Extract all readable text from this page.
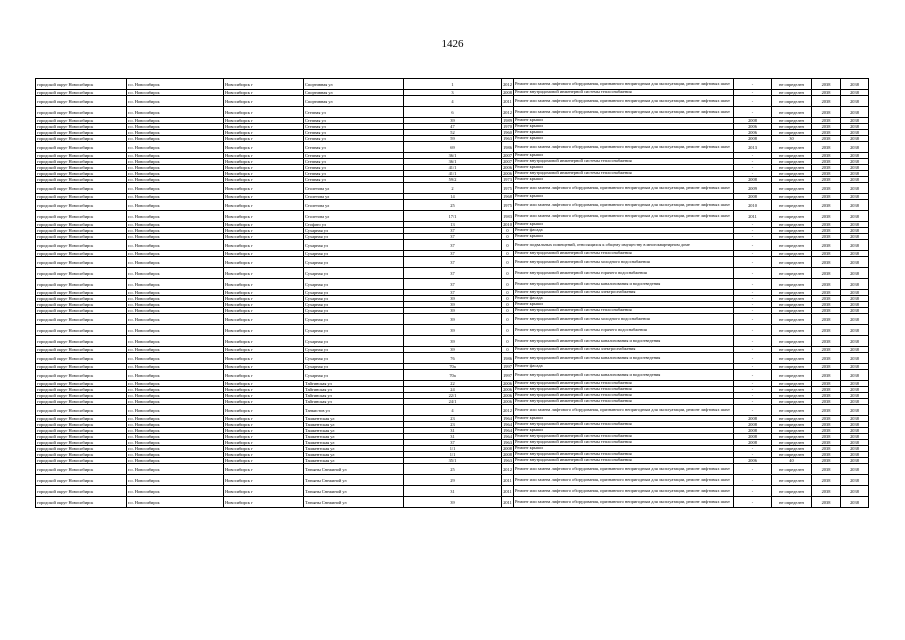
1426
городской округ Новосибирск	г.о. Новосибирск	Новосибирск г	Спортивная ул	1	2012	Ремонт или замена лифтового оборудования, признанного непригодным для эксплуатации, ремонт лифтовых шахт	-	не определен	2038	2038
городской округ Новосибирск	г.о. Новосибирск	Новосибирск г	Спортивная ул	3	2008	Ремонт внутридомовой инженерной системы теплоснабжения	-	не определен	2038	2038
городской округ Новосибирск	г.о. Новосибирск	Новосибирск г	Спортивная ул	4	2011	Ремонт или замена лифтового оборудования, признанного непригодным для эксплуатации, ремонт лифтовых шахт	-	не определен	2038	2038
городской округ Новосибирск	г.о. Новосибирск	Новосибирск г	Степная ул	6	2012	Ремонт или замена лифтового оборудования, признанного непригодным для эксплуатации, ремонт лифтовых шахт	-	не определен	2038	2038
городской округ Новосибирск	г.о. Новосибирск	Новосибирск г	Степная ул	39	1989	Ремонт крыши	2008	не определен	2038	2038
городской округ Новосибирск	г.о. Новосибирск	Новосибирск г	Степная ул	47	1970	Ремонт крыши	2006	не определен	2038	2038
городской округ Новосибирск	г.о. Новосибирск	Новосибирск г	Степная ул	52	1960	Ремонт крыши	2006	не определен	2038	2038
городской округ Новосибирск	г.о. Новосибирск	Новосибирск г	Степная ул	59	1963	Ремонт крыши	2008	30	2038	2038
городской округ Новосибирск	г.о. Новосибирск	Новосибирск г	Степная ул	69	1986	Ремонт или замена лифтового оборудования, признанного непригодным для эксплуатации, ремонт лифтовых шахт	2013	не определен	2038	2038
городской округ Новосибирск	г.о. Новосибирск	Новосибирск г	Степная ул	36/1	2007	Ремонт крыши	-	не определен	2038	2038
городской округ Новосибирск	г.о. Новосибирск	Новосибирск г	Степная ул	36/1	2007	Ремонт внутридомовой инженерной системы теплоснабжения	-	не определен	2038	2038
городской округ Новосибирск	г.о. Новосибирск	Новосибирск г	Степная ул	41/1	2006	Ремонт крыши	-	не определен	2038	2038
городской округ Новосибирск	г.о. Новосибирск	Новосибирск г	Степная ул	41/1	2006	Ремонт внутридомовой инженерной системы теплоснабжения	-	не определен	2038	2038
городской округ Новосибирск	г.о. Новосибирск	Новосибирск г	Степная ул	59/2	1973	Ремонт крыши	2008	не определен	2038	2038
городской округ Новосибирск	г.о. Новосибирск	Новосибирск г	Столетова ул	2	1975	Ремонт или замена лифтового оборудования, признанного непригодным для эксплуатации, ремонт лифтовых шахт	2009	не определен	2038	2038
городской округ Новосибирск	г.о. Новосибирск	Новосибирск г	Столетова ул	14	1968	Ремонт крыши	2008	не определен	2038	2038
городской округ Новосибирск	г.о. Новосибирск	Новосибирск г	Столетова ул	25	1975	Ремонт или замена лифтового оборудования, признанного непригодным для эксплуатации, ремонт лифтовых шахт	2010	не определен	2038	2038
городской округ Новосибирск	г.о. Новосибирск	Новосибирск г	Столетова ул	17/1	1983	Ремонт или замена лифтового оборудования, признанного непригодным для эксплуатации, ремонт лифтовых шахт	2011	не определен	2038	2038
городской округ Новосибирск	г.о. Новосибирск	Новосибирск г	Стофато ул	13	2010	Ремонт крыши	-	не определен	2038	2038
городской округ Новосибирск	г.о. Новосибирск	Новосибирск г	Сухарная ул	37	0	Ремонт фасада	-	не определен	2038	2038
городской округ Новосибирск	г.о. Новосибирск	Новосибирск г	Сухарная ул	37	0	Ремонт крыши	-	не определен	2038	2038
городской округ Новосибирск	г.о. Новосибирск	Новосибирск г	Сухарная ул	37	0	Ремонт подвальных помещений, относящихся к общему имуществу в многоквартирном доме	-	не определен	2038	2038
городской округ Новосибирск	г.о. Новосибирск	Новосибирск г	Сухарная ул	37	0	Ремонт внутридомовой инженерной системы теплоснабжения	-	не определен	2038	2038
городской округ Новосибирск	г.о. Новосибирск	Новосибирск г	Сухарная ул	37	0	Ремонт внутридомовой инженерной системы холодного водоснабжения	-	не определен	2038	2038
городской округ Новосибирск	г.о. Новосибирск	Новосибирск г	Сухарная ул	37	0	Ремонт внутридомовой инженерной системы горячего водоснабжения	-	не определен	2038	2038
городской округ Новосибирск	г.о. Новосибирск	Новосибирск г	Сухарная ул	37	0	Ремонт внутридомовой инженерной системы канализования и водоотведения	-	не определен	2038	2038
городской округ Новосибирск	г.о. Новосибирск	Новосибирск г	Сухарная ул	37	0	Ремонт внутридомовой инженерной системы электроснабжения	-	не определен	2038	2038
городской округ Новосибирск	г.о. Новосибирск	Новосибирск г	Сухарная ул	39	0	Ремонт фасада	-	не определен	2038	2038
городской округ Новосибирск	г.о. Новосибирск	Новосибирск г	Сухарная ул	39	0	Ремонт крыши	-	не определен	2038	2038
городской округ Новосибирск	г.о. Новосибирск	Новосибирск г	Сухарная ул	39	0	Ремонт внутридомовой инженерной системы теплоснабжения	-	не определен	2038	2038
городской округ Новосибирск	г.о. Новосибирск	Новосибирск г	Сухарная ул	39	0	Ремонт внутридомовой инженерной системы холодного водоснабжения	-	не определен	2038	2038
городской округ Новосибирск	г.о. Новосибирск	Новосибирск г	Сухарная ул	39	0	Ремонт внутридомовой инженерной системы горячего водоснабжения	-	не определен	2038	2038
городской округ Новосибирск	г.о. Новосибирск	Новосибирск г	Сухарная ул	39	0	Ремонт внутридомовой инженерной системы канализования и водоотведения	-	не определен	2038	2038
городской округ Новосибирск	г.о. Новосибирск	Новосибирск г	Сухарная ул	39	0	Ремонт внутридомовой инженерной системы электроснабжения	-	не определен	2038	2038
городской округ Новосибирск	г.о. Новосибирск	Новосибирск г	Сухарная ул	76	1986	Ремонт внутридомовой инженерной системы канализования и водоотведения	-	не определен	2038	2038
городской округ Новосибирск	г.о. Новосибирск	Новосибирск г	Сухарная ул	70a	1997	Ремонт фасада	-	не определен	2038	2038
городской округ Новосибирск	г.о. Новосибирск	Новосибирск г	Сухарная ул	70a	1997	Ремонт внутридомовой инженерной системы канализования и водоотведения	-	не определен	2038	2038
городской округ Новосибирск	г.о. Новосибирск	Новосибирск г	Тайгинская ул	22	2006	Ремонт внутридомовой инженерной системы теплоснабжения	-	не определен	2038	2038
городской округ Новосибирск	г.о. Новосибирск	Новосибирск г	Тайгинская ул	24	2006	Ремонт внутридомовой инженерной системы теплоснабжения	-	не определен	2038	2038
городской округ Новосибирск	г.о. Новосибирск	Новосибирск г	Тайгинская ул	22/1	2006	Ремонт внутридомовой инженерной системы теплоснабжения	-	не определен	2038	2038
городской округ Новосибирск	г.о. Новосибирск	Новосибирск г	Тайгинская ул	24/1	2006	Ремонт внутридомовой инженерной системы теплоснабжения	-	не определен	2038	2038
городской округ Новосибирск	г.о. Новосибирск	Новосибирск г	Танкистов ул	4	2012	Ремонт или замена лифтового оборудования, признанного непригодным для эксплуатации, ремонт лифтовых шахт	-	не определен	2038	2038
городской округ Новосибирск	г.о. Новосибирск	Новосибирск г	Ташкентская ул	23	1964	Ремонт крыши	2008	не определен	2038	2038
городской округ Новосибирск	г.о. Новосибирск	Новосибирск г	Ташкентская ул	23	1964	Ремонт внутридомовой инженерной системы теплоснабжения	2008	не определен	2038	2038
городской округ Новосибирск	г.о. Новосибирск	Новосибирск г	Ташкентская ул	31	1964	Ремонт крыши	2008	не определен	2038	2038
городской округ Новосибирск	г.о. Новосибирск	Новосибирск г	Ташкентская ул	31	1964	Ремонт внутридомовой инженерной системы теплоснабжения	2008	не определен	2038	2038
городской округ Новосибирск	г.о. Новосибирск	Новосибирск г	Ташкентская ул	37	1963	Ремонт внутридомовой инженерной системы теплоснабжения	2008	не определен	2038	2038
городской округ Новосибирск	г.о. Новосибирск	Новосибирск г	Ташкентская ул	1/1	2008	Ремонт крыши	-	не определен	2038	2038
городской округ Новосибирск	г.о. Новосибирск	Новосибирск г	Ташкентская ул	1/1	2008	Ремонт внутридомовой инженерной системы теплоснабжения	-	не определен	2038	2038
городской округ Новосибирск	г.о. Новосибирск	Новосибирск г	Ташкентская ул	35/1	1963	Ремонт внутридомовой инженерной системы теплоснабжения	2006	40	2038	2038
городской округ Новосибирск	г.о. Новосибирск	Новосибирск г	Татьяны Снежиной ул	25	2012	Ремонт или замена лифтового оборудования, признанного непригодным для эксплуатации, ремонт лифтовых шахт	-	не определен	2038	2038
городской округ Новосибирск	г.о. Новосибирск	Новосибирск г	Татьяны Снежиной ул	29	2011	Ремонт или замена лифтового оборудования, признанного непригодным для эксплуатации, ремонт лифтовых шахт	-	не определен	2038	2038
городской округ Новосибирск	г.о. Новосибирск	Новосибирск г	Татьяны Снежиной ул	31	2011	Ремонт или замена лифтового оборудования, признанного непригодным для эксплуатации, ремонт лифтовых шахт	-	не определен	2038	2038
городской округ Новосибирск	г.о. Новосибирск	Новосибирск г	Татьяны Снежиной ул	39	2011	Ремонт или замена лифтового оборудования, признанного непригодным для эксплуатации, ремонт лифтовых шахт	-	не определен	2038	2038
